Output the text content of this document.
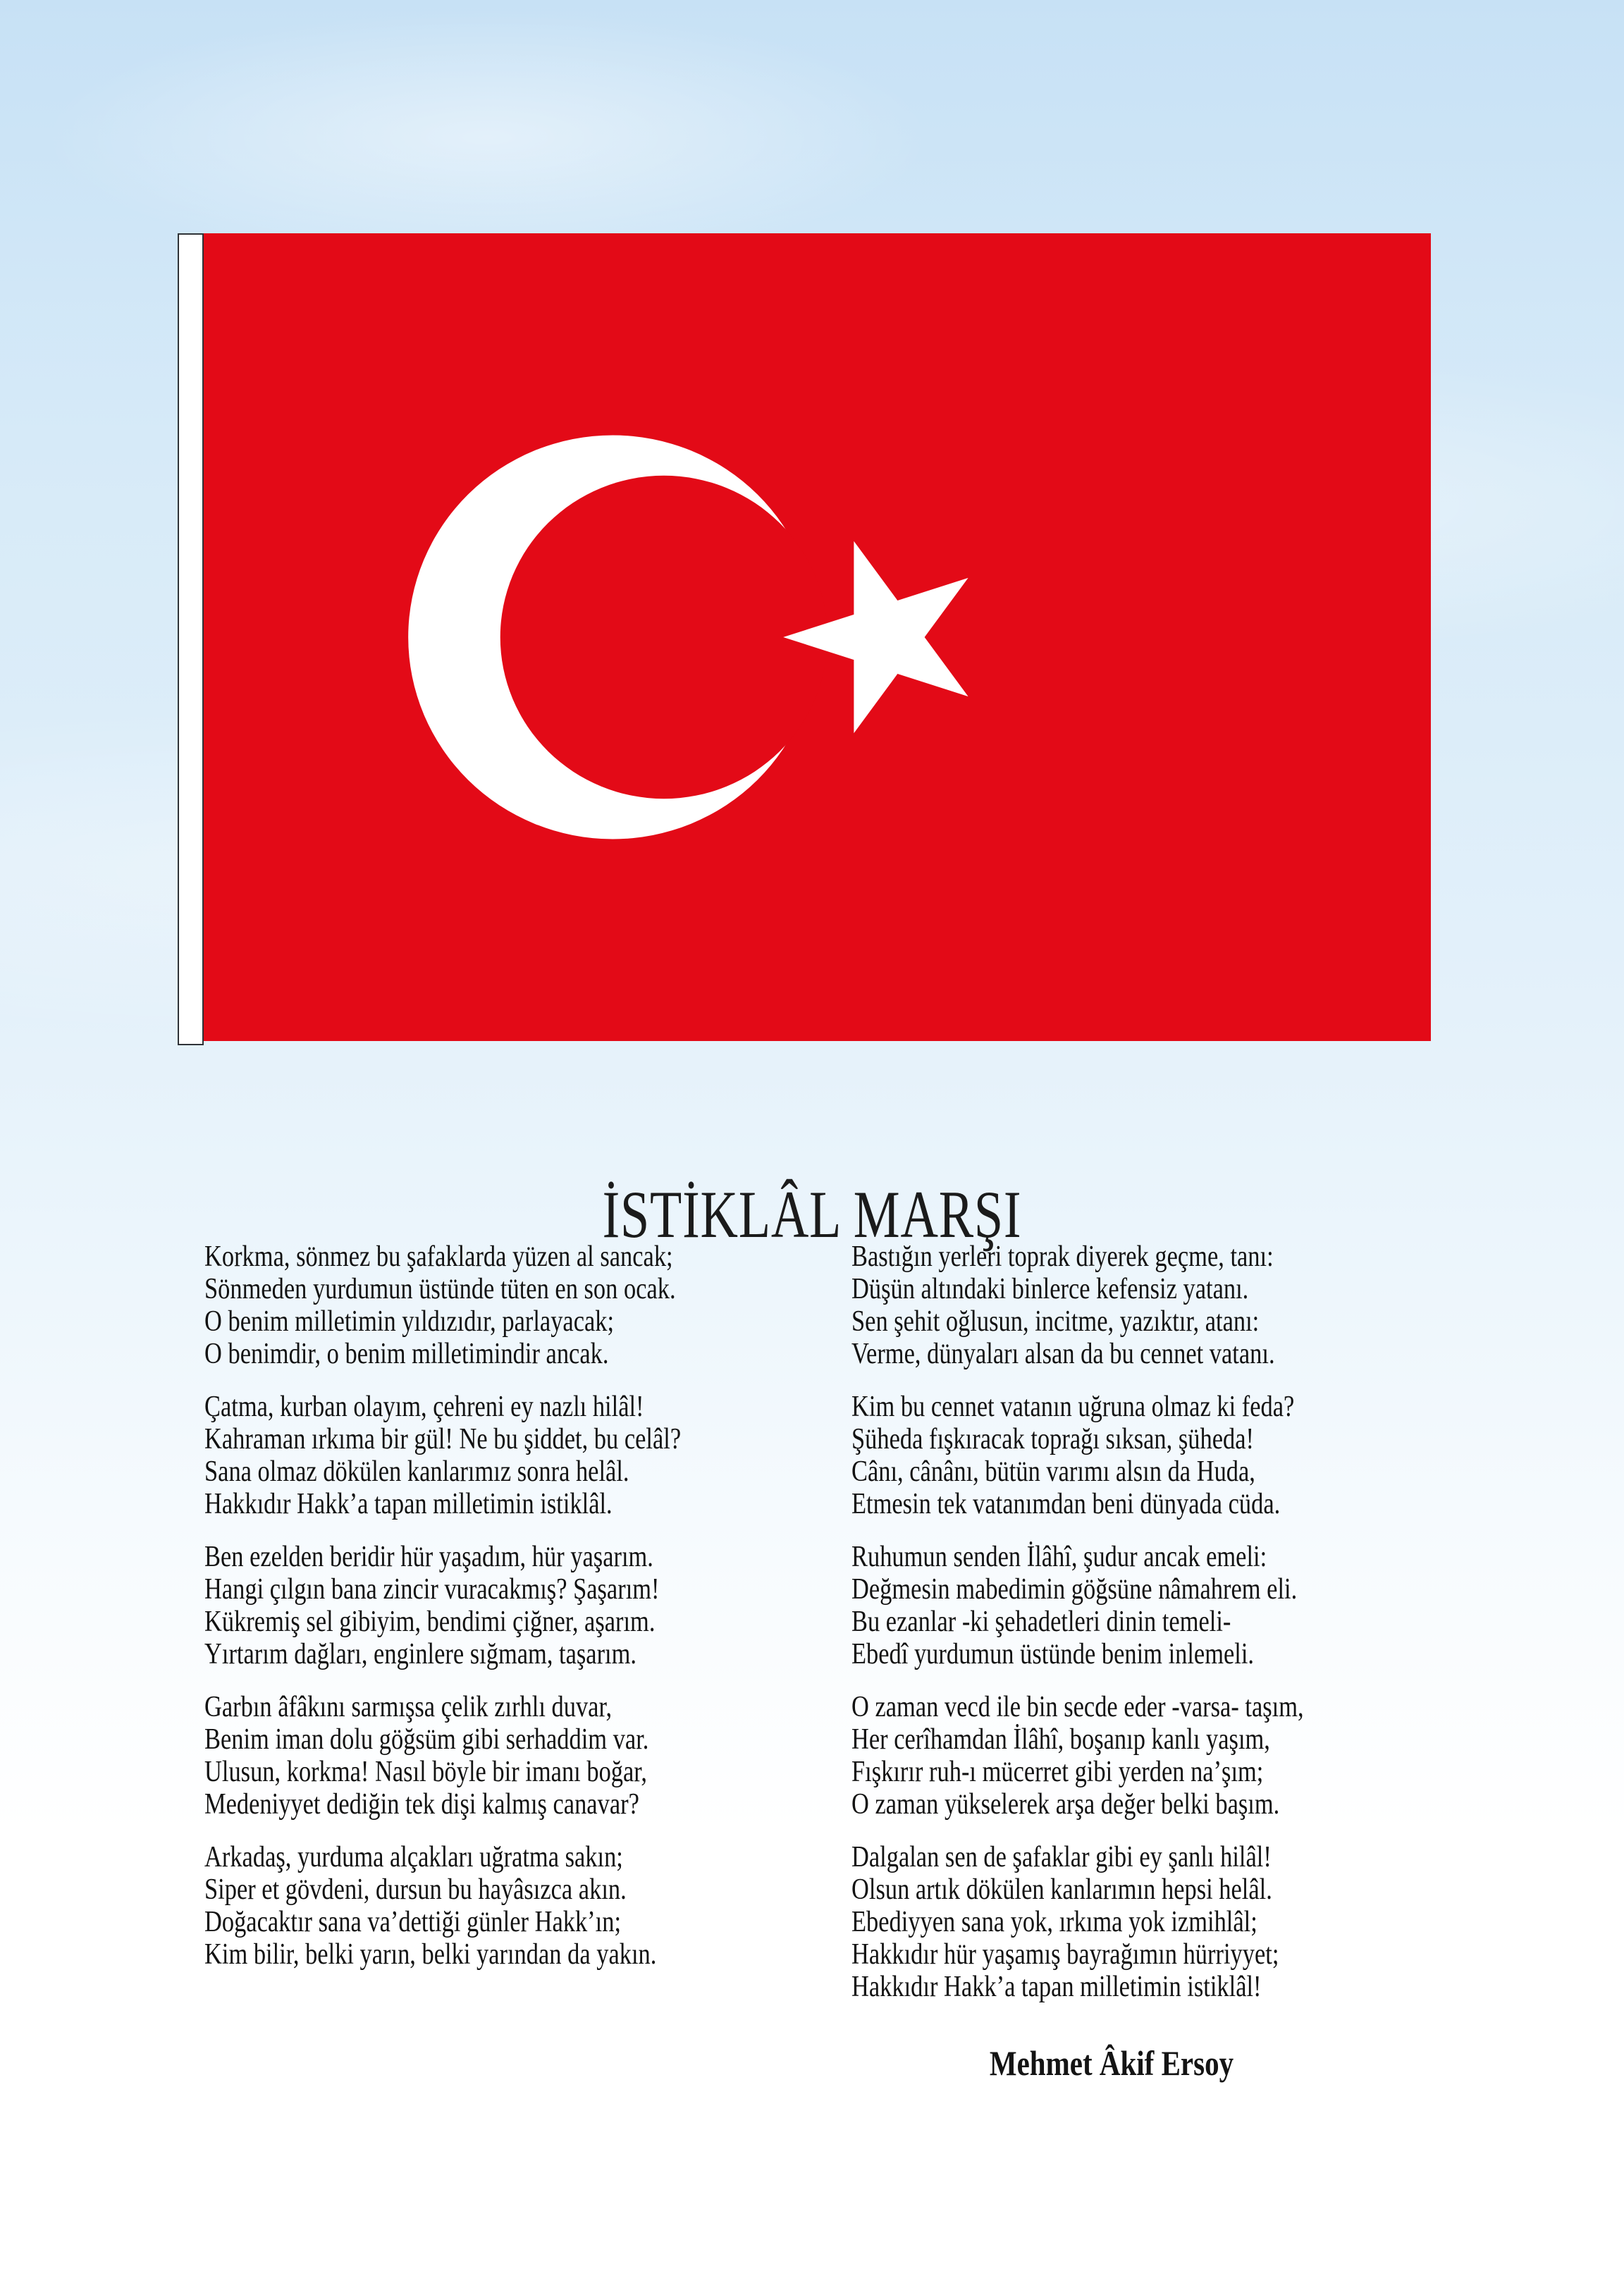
İSTİKLÂL MARŞI

Korkma, sönmez bu şafaklarda yüzen al sancak;
Sönmeden yurdumun üstünde tüten en son ocak.
O benim milletimin yıldızıdır, parlayacak;
O benimdir, o benim milletimindir ancak.

Çatma, kurban olayım, çehreni ey nazlı hilâl!
Kahraman ırkıma bir gül! Ne bu şiddet, bu celâl?
Sana olmaz dökülen kanlarımız sonra helâl.
Hakkıdır Hakk’a tapan milletimin istiklâl.

Ben ezelden beridir hür yaşadım, hür yaşarım.
Hangi çılgın bana zincir vuracakmış? Şaşarım!
Kükremiş sel gibiyim, bendimi çiğner, aşarım.
Yırtarım dağları, enginlere sığmam, taşarım.

Garbın âfâkını sarmışsa çelik zırhlı duvar,
Benim iman dolu göğsüm gibi serhaddim var.
Ulusun, korkma! Nasıl böyle bir imanı boğar,
Medeniyyet dediğin tek dişi kalmış canavar?

Arkadaş, yurduma alçakları uğratma sakın;
Siper et gövdeni, dursun bu hayâsızca akın.
Doğacaktır sana va’dettiği günler Hakk’ın;
Kim bilir, belki yarın, belki yarından da yakın.

Bastığın yerleri toprak diyerek geçme, tanı:
Düşün altındaki binlerce kefensiz yatanı.
Sen şehit oğlusun, incitme, yazıktır, atanı:
Verme, dünyaları alsan da bu cennet vatanı.

Kim bu cennet vatanın uğruna olmaz ki feda?
Şüheda fışkıracak toprağı sıksan, şüheda!
Cânı, cânânı, bütün varımı alsın da Huda,
Etmesin tek vatanımdan beni dünyada cüda.

Ruhumun senden İlâhî, şudur ancak emeli:
Değmesin mabedimin göğsüne nâmahrem eli.
Bu ezanlar -ki şehadetleri dinin temeli-
Ebedî yurdumun üstünde benim inlemeli.

O zaman vecd ile bin secde eder -varsa- taşım,
Her cerîhamdan İlâhî, boşanıp kanlı yaşım,
Fışkırır ruh-ı mücerret gibi yerden na’şım;
O zaman yükselerek arşa değer belki başım.

Dalgalan sen de şafaklar gibi ey şanlı hilâl!
Olsun artık dökülen kanlarımın hepsi helâl.
Ebediyyen sana yok, ırkıma yok izmihlâl;
Hakkıdır hür yaşamış bayrağımın hürriyyet;
Hakkıdır Hakk’a tapan milletimin istiklâl!

Mehmet Âkif Ersoy
